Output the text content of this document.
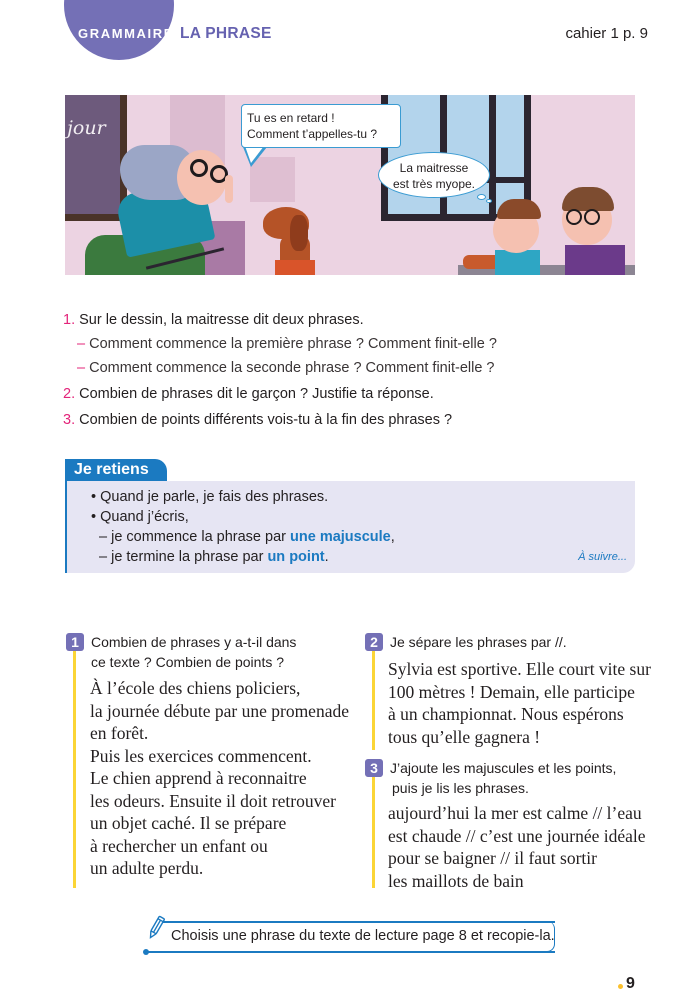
GRAMMAIRE LA PHRASE	cahier 1 p. 9
jour	Tu es en retard !
Comment t’appelles-tu ?
La maitresse
est très myope.
1. Sur le dessin, la maitresse dit deux phrases.
– Comment commence la première phrase ? Comment finit-elle ?
– Comment commence la seconde phrase ? Comment finit-elle ?
2. Combien de phrases dit le garçon ? Justifie ta réponse.
3. Combien de points différents vois-tu à la fin des phrases ?
Je retiens
• Quand je parle, je fais des phrases.
• Quand j’écris,
– je commence la phrase par une majuscule,
– je termine la phrase par un point.	À suivre...
1 Combien de phrases y a-t-il dans
ce texte ? Combien de points ?
À l’école des chiens policiers,
la journée débute par une promenade
en forêt.
Puis les exercices commencent.
Le chien apprend à reconnaitre
les odeurs. Ensuite il doit retrouver
un objet caché. Il se prépare
à rechercher un enfant ou
un adulte perdu.
2 Je sépare les phrases par //.
Sylvia est sportive. Elle court vite sur
100 mètres ! Demain, elle participe
à un championnat. Nous espérons
tous qu’elle gagnera !
3 J’ajoute les majuscules et les points,
puis je lis les phrases.
aujourd’hui la mer est calme // l’eau
est chaude // c’est une journée idéale
pour se baigner // il faut sortir
les maillots de bain
Choisis une phrase du texte de lecture page 8 et recopie-la.
9
